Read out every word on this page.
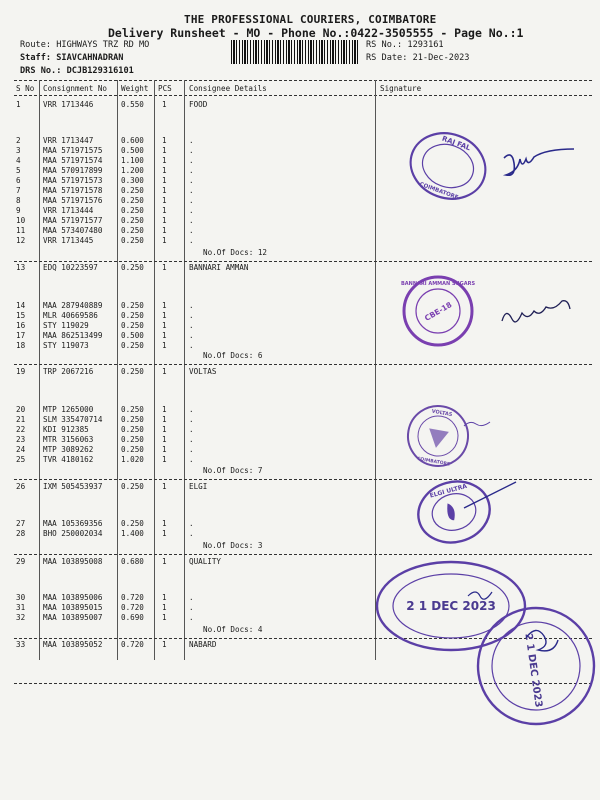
THE PROFESSIONAL COURIERS, COIMBATORE
Delivery Runsheet - MO - Phone No.:0422-3505555 - Page No.:1
Route: HIGHWAYS TRZ RD MO
Staff: SIAVCAHNADRAN
DRS No.: DCJB129316101
RS No.: 1293161
RS Date: 21-Dec-2023
S No Consignment No Weight PCS Consignee Details	Signature
1	VRR 1713446	0.550 1	FOOD
2	VRR 1713447	0.600 1	.
3	MAA 571971575 0.500 1	.
4	MAA 571971574 1.100 1	.
5	MAA 570917899 1.200 1	.
6	MAA 571971573 0.300 1	.
7	MAA 571971578 0.250 1	.
8	MAA 571971576 0.250 1	.
9	VRR 1713444	0.250 1	.
10 MAA 571971577 0.250 1	.
11 MAA 573407480 0.250 1	.
12 VRR 1713445	0.250 1	.
13 EDQ 10223597	0.250 1	BANNARI AMMAN
14 MAA 287940889 0.250 1	.
15 MLR 40669586	0.250 1	.
16 STY 119029	0.250 1	.
17 MAA 862513499 0.500 1	.
18 STY 119073	0.250 1	.
19 TRP 2067216	0.250 1	VOLTAS
20 MTP 1265000	0.250 1	.
21 SLM 335470714 0.250 1	.
22 KDI 912385	0.250 1	.
23 MTR 3156063	0.250 1	.
24 MTP 3089262	0.250 1	.
25 TVR 4180162	1.020 1	.
26 IXM 505453937 0.250 1	ELGI
27 MAA 105369356 0.250 1	.
28 BHO 250002034 1.400 1	.
29 MAA 103895008 0.680 1	QUALITY
30 MAA 103895006 0.720 1	.
31 MAA 103895015 0.720 1	.
32 MAA 103895007 0.690 1	.
33 MAA 103895052 0.720 1	NABARD
No.Of Docs: 12
No.Of Docs: 6
No.Of Docs: 7
No.Of Docs: 3
No.Of Docs: 4
RAJ FAL
COIMBATORE
CBE-18
BANNARI AMMAN SUGARS
VOLTAS
COIMBATORE
ELGI ULTRA
2 1 DEC 2023
2 1 DEC 2023
